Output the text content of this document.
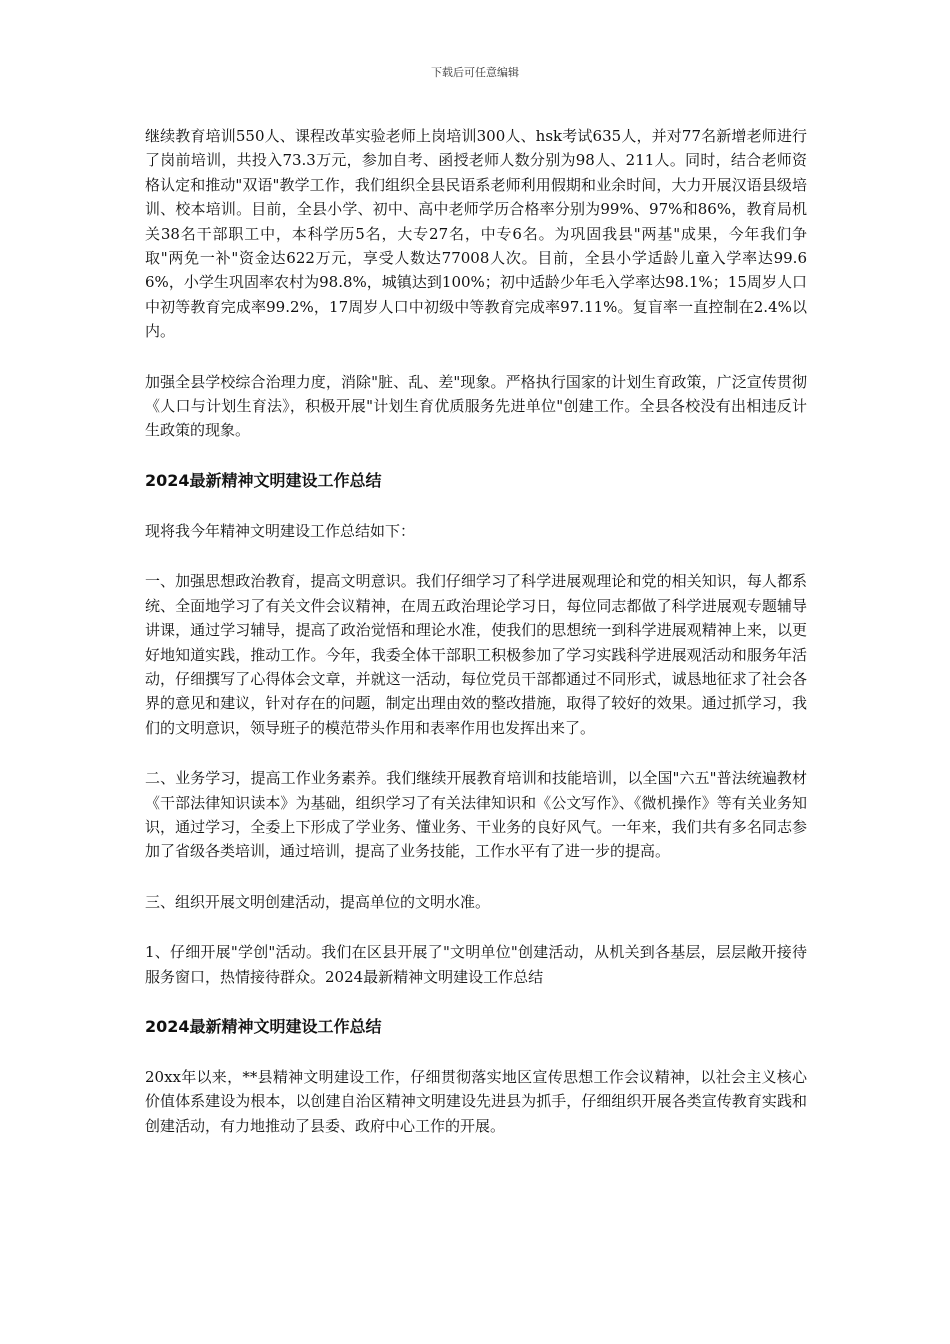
下载后可任意编辑

继续教育培训550人、课程改革实验老师上岗培训300人、hsk考试635人，并对77名新增老师进行了岗前培训，共投入73.3万元，参加自考、函授老师人数分别为98人、211人。同时，结合老师资格认定和推动"双语"教学工作，我们组织全县民语系老师利用假期和业余时间，大力开展汉语县级培训、校本培训。目前，全县小学、初中、高中老师学历合格率分别为99%、97%和86%，教育局机关38名干部职工中，本科学历5名，大专27名，中专6名。为巩固我县"两基"成果，今年我们争取"两免一补"资金达622万元，享受人数达77008人次。目前，全县小学适龄儿童入学率达99.66%，小学生巩固率农村为98.8%，城镇达到100%；初中适龄少年毛入学率达98.1%；15周岁人口中初等教育完成率99.2%，17周岁人口中初级中等教育完成率97.11%。复盲率一直控制在2.4%以内。

加强全县学校综合治理力度，消除"脏、乱、差"现象。严格执行国家的计划生育政策，广泛宣传贯彻《人口与计划生育法》，积极开展"计划生育优质服务先进单位"创建工作。全县各校没有出相违反计生政策的现象。

2024最新精神文明建设工作总结

现将我今年精神文明建设工作总结如下：

一、加强思想政治教育，提高文明意识。我们仔细学习了科学进展观理论和党的相关知识，每人都系统、全面地学习了有关文件会议精神，在周五政治理论学习日，每位同志都做了科学进展观专题辅导讲课，通过学习辅导，提高了政治觉悟和理论水准，使我们的思想统一到科学进展观精神上来，以更好地知道实践，推动工作。今年，我委全体干部职工积极参加了学习实践科学进展观活动和服务年活动，仔细撰写了心得体会文章，并就这一活动，每位党员干部都通过不同形式，诚恳地征求了社会各界的意见和建议，针对存在的问题，制定出理由效的整改措施，取得了较好的效果。通过抓学习，我们的文明意识，领导班子的模范带头作用和表率作用也发挥出来了。

二、业务学习，提高工作业务素养。我们继续开展教育培训和技能培训，以全国"六五"普法统遍教材《干部法律知识读本》为基础，组织学习了有关法律知识和《公文写作》、《微机操作》等有关业务知识，通过学习，全委上下形成了学业务、懂业务、干业务的良好风气。一年来，我们共有多名同志参加了省级各类培训，通过培训，提高了业务技能，工作水平有了进一步的提高。

三、组织开展文明创建活动，提高单位的文明水准。

1、仔细开展"学创"活动。我们在区县开展了"文明单位"创建活动，从机关到各基层，层层敞开接待服务窗口，热情接待群众。2024最新精神文明建设工作总结

2024最新精神文明建设工作总结

20xx年以来，**县精神文明建设工作，仔细贯彻落实地区宣传思想工作会议精神，以社会主义核心价值体系建设为根本，以创建自治区精神文明建设先进县为抓手，仔细组织开展各类宣传教育实践和创建活动，有力地推动了县委、政府中心工作的开展。
